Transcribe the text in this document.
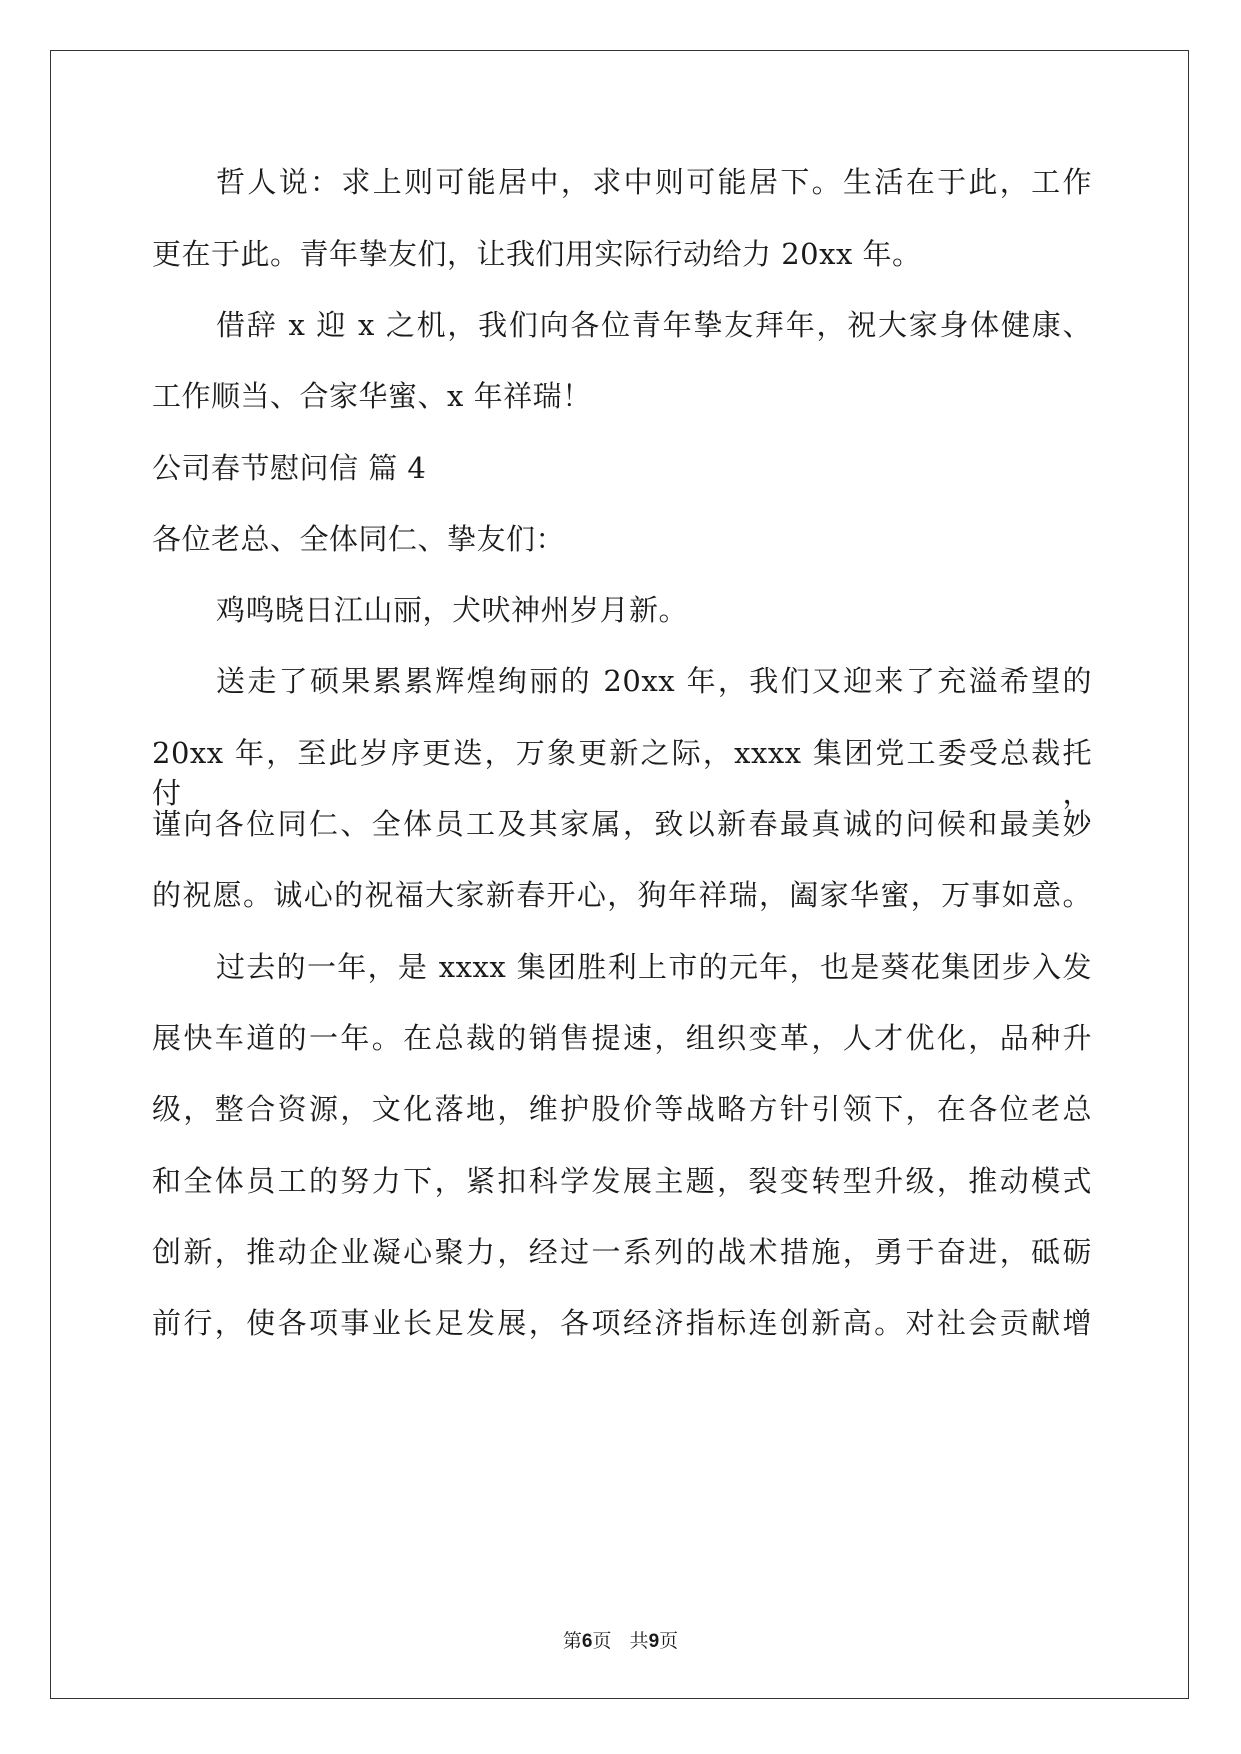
哲人说：求上则可能居中，求中则可能居下。生活在于此，工作
更在于此。青年挚友们，让我们用实际行动给力 20xx 年。
借辞 x 迎 x 之机，我们向各位青年挚友拜年，祝大家身体健康、
工作顺当、合家华蜜、x 年祥瑞！
公司春节慰问信 篇 4
各位老总、全体同仁、挚友们：
鸡鸣晓日江山丽，犬吠神州岁月新。
送走了硕果累累辉煌绚丽的 20xx 年，我们又迎来了充溢希望的
20xx 年，至此岁序更迭，万象更新之际，xxxx 集团党工委受总裁托付，
谨向各位同仁、全体员工及其家属，致以新春最真诚的问候和最美妙
的祝愿。诚心的祝福大家新春开心，狗年祥瑞，阖家华蜜，万事如意。
过去的一年，是 xxxx 集团胜利上市的元年，也是葵花集团步入发
展快车道的一年。在总裁的销售提速，组织变革，人才优化，品种升
级，整合资源，文化落地，维护股价等战略方针引领下，在各位老总
和全体员工的努力下，紧扣科学发展主题，裂变转型升级，推动模式
创新，推动企业凝心聚力，经过一系列的战术措施，勇于奋进，砥砺
前行，使各项事业长足发展，各项经济指标连创新高。对社会贡献增
第6页   共9页
